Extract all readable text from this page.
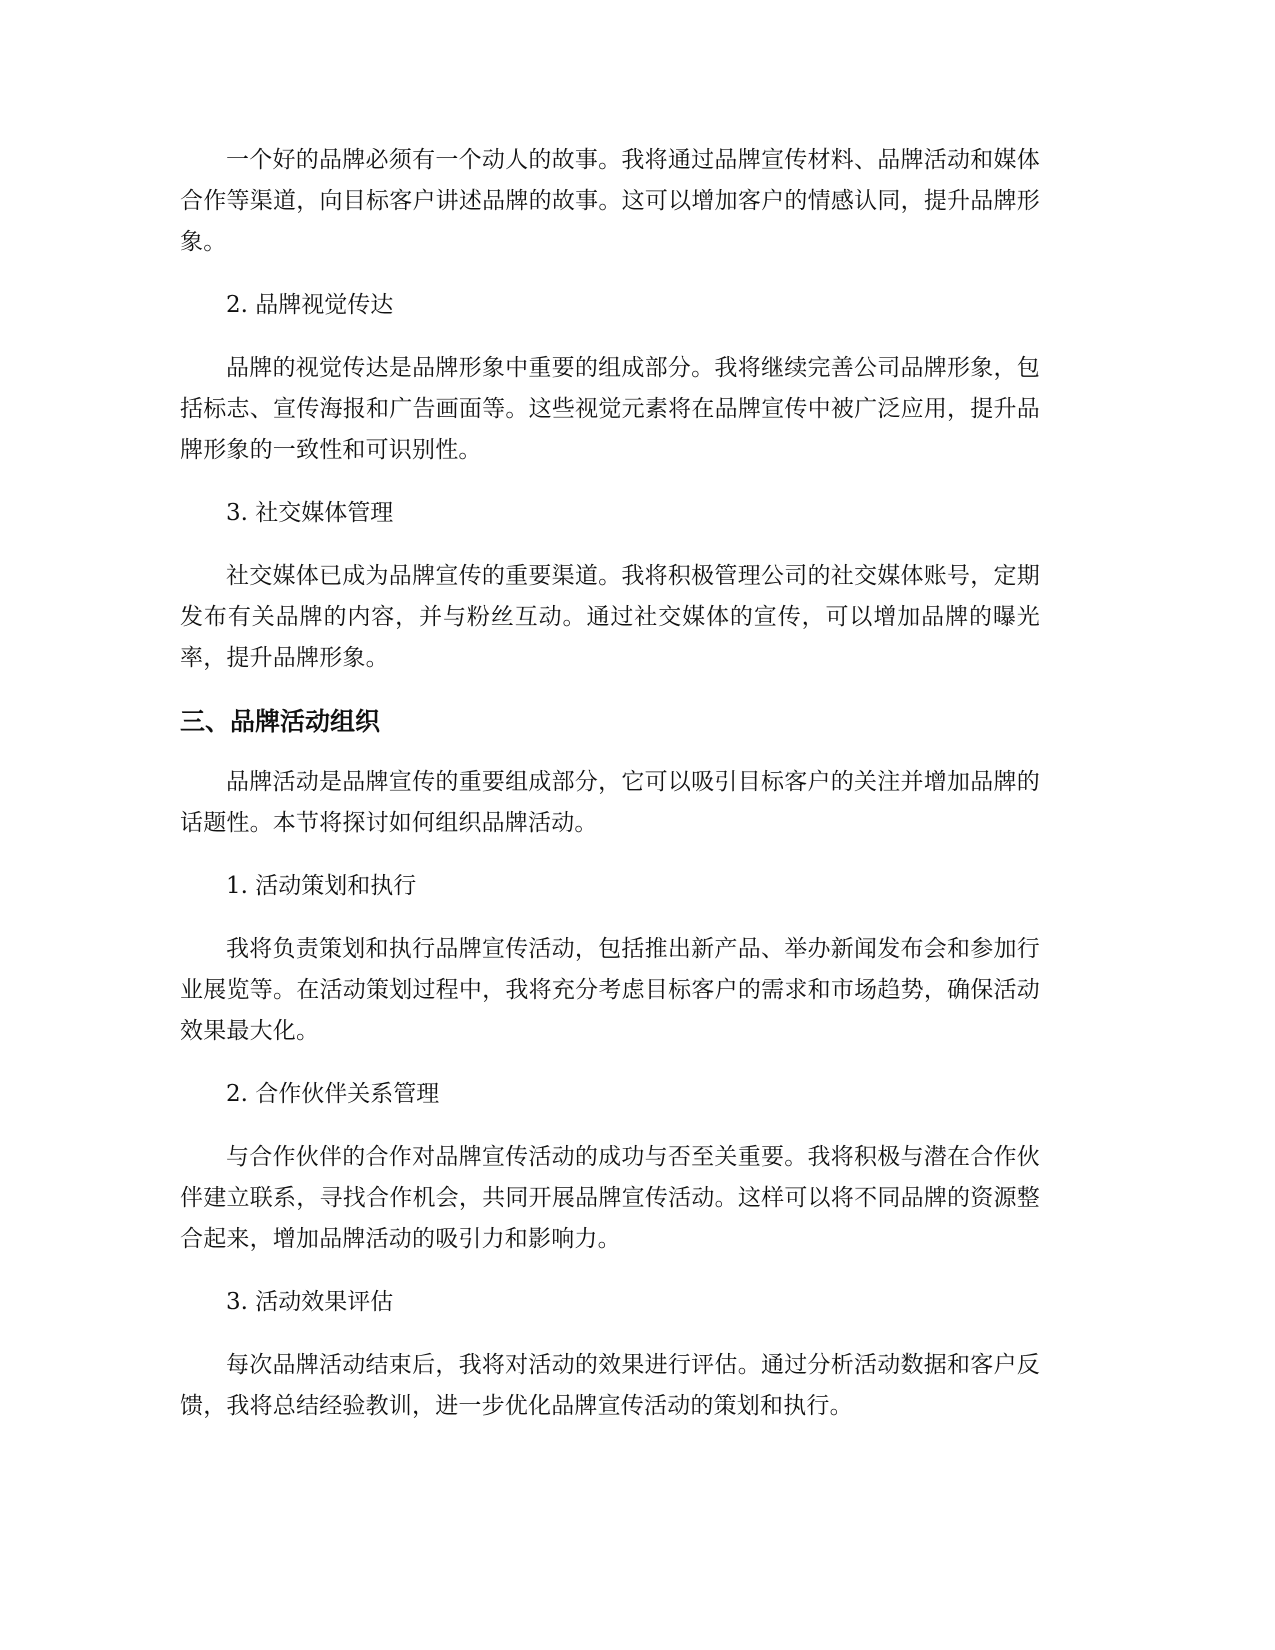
一个好的品牌必须有一个动人的故事。我将通过品牌宣传材料、品牌活动和媒体合作等渠道，向目标客户讲述品牌的故事。这可以增加客户的情感认同，提升品牌形象。

2. 品牌视觉传达

品牌的视觉传达是品牌形象中重要的组成部分。我将继续完善公司品牌形象，包括标志、宣传海报和广告画面等。这些视觉元素将在品牌宣传中被广泛应用，提升品牌形象的一致性和可识别性。

3. 社交媒体管理

社交媒体已成为品牌宣传的重要渠道。我将积极管理公司的社交媒体账号，定期发布有关品牌的内容，并与粉丝互动。通过社交媒体的宣传，可以增加品牌的曝光率，提升品牌形象。

三、品牌活动组织

品牌活动是品牌宣传的重要组成部分，它可以吸引目标客户的关注并增加品牌的话题性。本节将探讨如何组织品牌活动。

1. 活动策划和执行

我将负责策划和执行品牌宣传活动，包括推出新产品、举办新闻发布会和参加行业展览等。在活动策划过程中，我将充分考虑目标客户的需求和市场趋势，确保活动效果最大化。

2. 合作伙伴关系管理

与合作伙伴的合作对品牌宣传活动的成功与否至关重要。我将积极与潜在合作伙伴建立联系，寻找合作机会，共同开展品牌宣传活动。这样可以将不同品牌的资源整合起来，增加品牌活动的吸引力和影响力。

3. 活动效果评估

每次品牌活动结束后，我将对活动的效果进行评估。通过分析活动数据和客户反馈，我将总结经验教训，进一步优化品牌宣传活动的策划和执行。
